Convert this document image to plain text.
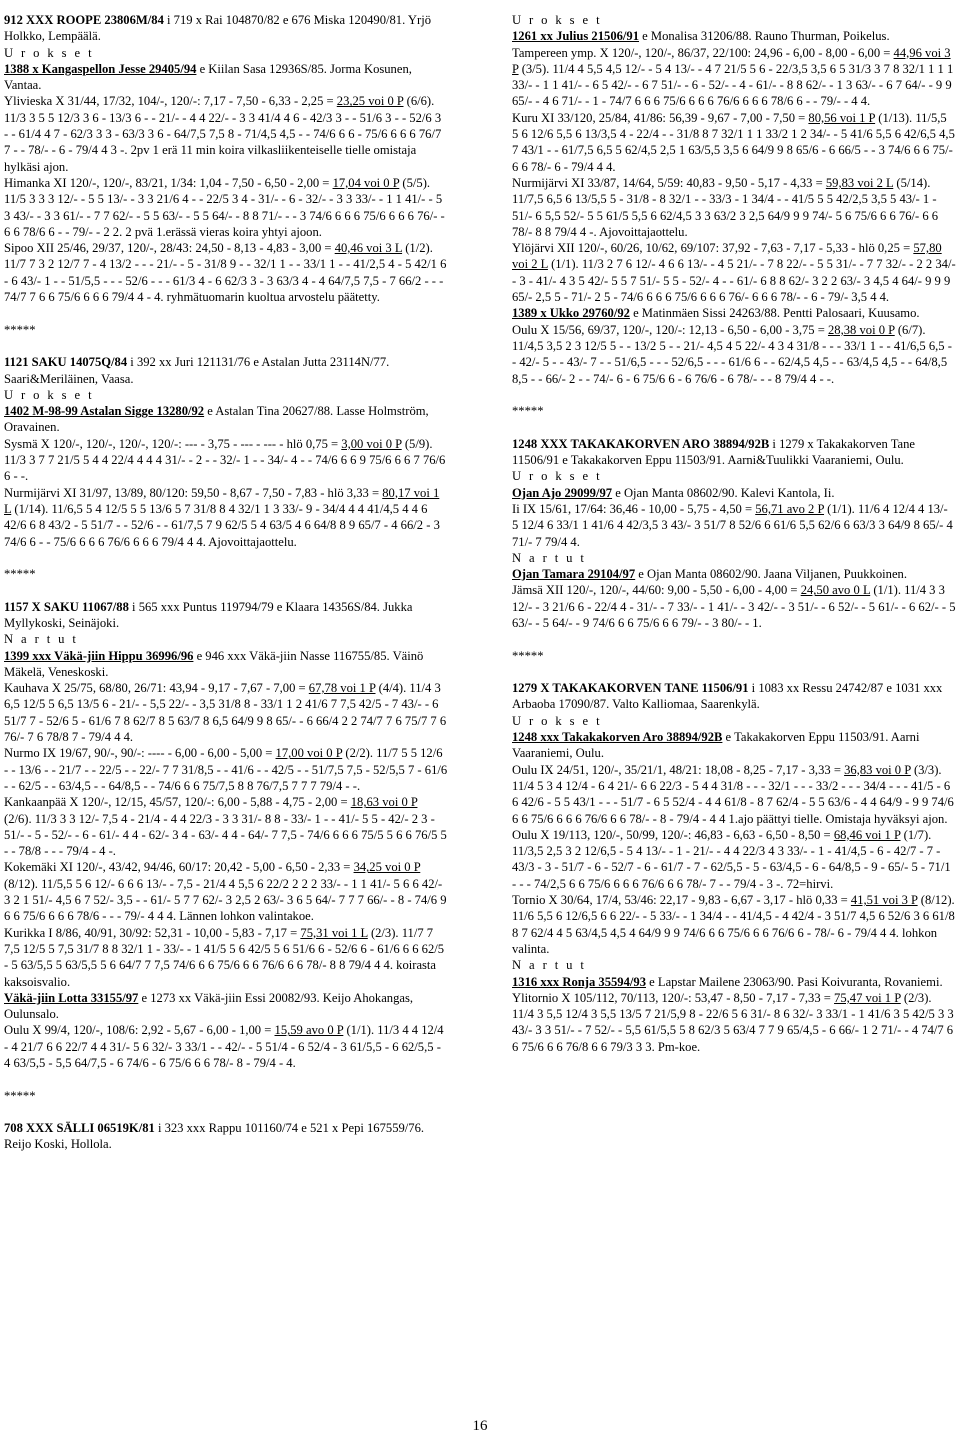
912 XXX ROOPE 23806M/84 i 719 x Rai 104870/82 e 676 Miska 120490/81. Yrjö Holkko, Lempäälä.

U r o k s e t

1388 x Kangaspellon Jesse 29405/94 e Kiilan Sasa 12936S/85. Jorma Kosunen, Vantaa.

Ylivieska X 31/44, 17/32, 104/-, 120/-: 7,17 - 7,50 - 6,33 - 2,25 = 23,25 voi 0 P (6/6). 11/3 3 5 5 12/3 3 6 - 13/3 6 - - 21/- - 4 4 22/- - 3 3 41/4 4 6 - 42/3 3 - - 51/6 3 - - 52/6 3 - - 61/4 4 7 - 62/3 3 3 - 63/3 3 6 - 64/7,5 7,5 8 - 71/4,5 4,5 - - 74/6 6 6 - 75/6 6 6 6 76/7 7 - - 78/- - 6 - 79/4 4 3 -. 2pv 1 erä 11 min koira vilkasliikenteiselle tielle omistaja hylkäsi ajon.

Himanka XI 120/-, 120/-, 83/21, 1/34: 1,04 - 7,50 - 6,50 - 2,00 = 17,04 voi 0 P (5/5). 11/5 3 3 3 12/- - 5 5 13/- - 3 3 21/6 4 - - 22/5 3 4 - 31/- - 6 - 32/- - 3 3 33/- - 1 1 41/- - 5 3 43/- - 3 3 61/- - 7 7 62/- - 5 5 63/- - 5 5 64/- - 8 8 71/- - - 3 74/6 6 6 6 75/6 6 6 6 76/- - 6 6 78/6 6 - - 79/- - 2 2. 2 pvä 1.erässä vieras koira yhtyi ajoon.

Sipoo XII 25/46, 29/37, 120/-, 28/43: 24,50 - 8,13 - 4,83 - 3,00 = 40,46 voi 3 L (1/2). 11/7 7 3 2 12/7 7 - 4 13/2 - - - 21/- - 5 - 31/8 9 - - 32/1 1 - - 33/1 1 - - 41/2,5 4 - 5 42/1 6 - 6 43/- 1 - - 51/5,5 - - - 52/6 - - - 61/3 4 - 6 62/3 3 - 3 63/3 4 - 4 64/7,5 7,5 - 7 66/2 - - - 74/7 7 6 6 75/6 6 6 6 79/4 4 - 4. ryhmätuomarin kuoltua arvostelu päätetty.

*****

1121 SAKU 14075Q/84 i 392 xx Juri 121131/76 e Astalan Jutta 23114N/77. Saari&Meriläinen, Vaasa.

U r o k s e t

1402 M-98-99 Astalan Sigge 13280/92 e Astalan Tina 20627/88. Lasse Holmström, Oravainen.

Sysmä X 120/-, 120/-, 120/-, 120/-: --- - 3,75 - --- - --- - hlö 0,75 = 3,00 voi 0 P (5/9). 11/3 3 7 7 21/5 5 4 4 22/4 4 4 4 31/- - 2 - - 32/- 1 - - 34/- 4 - - 74/6 6 6 9 75/6 6 6 7 76/6 6 - -.

Nurmijärvi XI 31/97, 13/89, 80/120: 59,50 - 8,67 - 7,50 - 7,83 - hlö 3,33 = 80,17 voi 1 L (1/14). 11/6,5 5 4 12/5 5 5 13/6 5 7 31/8 8 4 32/1 1 3 33/- 9 - 34/4 4 4 41/4,5 4 4 6 42/6 6 8 43/2 - 5 51/7 - - 52/6 - - 61/7,5 7 9 62/5 5 4 63/5 4 6 64/8 8 9 65/7 - 4 66/2 - 3 74/6 6 - - 75/6 6 6 6 76/6 6 6 6 79/4 4 4. Ajovoittajaottelu.

*****

1157 X SAKU 11067/88 i 565 xxx Puntus 119794/79 e Klaara 14356S/84. Jukka Myllykoski, Seinäjoki.

N a r t u t

1399 xxx Väkä-jiin Hippu 36996/96 e 946 xxx Väkä-jiin Nasse 116755/85. Väinö Mäkelä, Veneskoski.

Kauhava X 25/75, 68/80, 26/71: 43,94 - 9,17 - 7,67 - 7,00 = 67,78 voi 1 P (4/4). 11/4 3 6,5 12/5 5 6,5 13/5 6 - 21/- - 5,5 22/- - 3,5 31/8 8 - 33/1 1 2 41/6 7 7,5 42/5 - 7 43/- - 6 51/7 7 - 52/6 5 - 61/6 7 8 62/7 8 5 63/7 8 6,5 64/9 9 8 65/- - 6 66/4 2 2 74/7 7 6 75/7 7 6 76/- 7 6 78/8 7 - 79/4 4 4.

Nurmo IX 19/67, 90/-, 90/-: ---- - 6,00 - 6,00 - 5,00 = 17,00 voi 0 P (2/2). 11/7 5 5 12/6 - - 13/6 - - 21/7 - - 22/5 - - 22/- 7 7 31/8,5 - - 41/6 - - 42/5 - - 51/7,5 7,5 - 52/5,5 7 - 61/6 - - 62/5 - - 63/4,5 - - 64/8,5 - - 74/6 6 6 75/7,5 8 8 76/7,5 7 7 7 79/4 - -.

Kankaanpää X 120/-, 12/15, 45/57, 120/-: 6,00 - 5,88 - 4,75 - 2,00 = 18,63 voi 0 P (2/6). 11/3 3 3 12/- 7,5 4 - 21/4 - 4 4 22/3 - 3 3 31/- 8 8 - 33/- 1 - - 41/- 5 5 - 42/- 2 3 - 51/- - 5 - 52/- - 6 - 61/- 4 4 - 62/- 3 4 - 63/- 4 4 - 64/- 7 7,5 - 74/6 6 6 6 75/5 5 6 6 76/5 5 - - 78/8 - - - 79/4 - 4 -.

Kokemäki XI 120/-, 43/42, 94/46, 60/17: 20,42 - 5,00 - 6,50 - 2,33 = 34,25 voi 0 P (8/12). 11/5,5 5 6 12/- 6 6 6 13/- - 7,5 - 21/4 4 5,5 6 22/2 2 2 2 33/- - 1 1 41/- 5 6 6 42/- 3 2 1 51/- 4,5 6 7 52/- 3,5 - - 61/- 5 7 7 62/- 3 2,5 2 63/- 3 6 5 64/- 7 7 7 66/- - 8 - 74/6 9 6 6 75/6 6 6 6 78/6 - - - 79/- 4 4 4. Lännen lohkon valintakoe.

Kurikka I 8/86, 40/91, 30/92: 52,31 - 10,00 - 5,83 - 7,17 = 75,31 voi 1 L (2/3). 11/7 7 7,5 12/5 5 7,5 31/7 8 8 32/1 1 - 33/- - 1 41/5 5 6 42/5 5 6 51/6 6 - 52/6 6 - 61/6 6 6 62/5 - 5 63/5,5 5 63/5,5 5 6 64/7 7 7,5 74/6 6 6 75/6 6 6 76/6 6 6 78/- 8 8 79/4 4 4. koirasta kaksoisvalio.

Väkä-jiin Lotta 33155/97 e 1273 xx Väkä-jiin Essi 20082/93. Keijo Ahokangas, Oulunsalo.

Oulu X 99/4, 120/-, 108/6: 2,92 - 5,67 - 6,00 - 1,00 = 15,59 avo 0 P (1/1). 11/3 4 4 12/4 - 4 21/7 6 6 22/7 4 4 31/- 5 6 32/- 3 33/1 - - 42/- - 5 51/4 - 6 52/4 - 3 61/5,5 - 6 62/5,5 - 4 63/5,5 - 5,5 64/7,5 - 6 74/6 - 6 75/6 6 6 78/- 8 - 79/4 - 4.

*****

708 XXX SÄLLI 06519K/81 i 323 xxx Rappu 101160/74 e 521 x Pepi 167559/76. Reijo Koski, Hollola.

U r o k s e t

1261 xx Julius 21506/91 e Monalisa 31206/88. Rauno Thurman, Poikelus.

Tampereen ymp. X 120/-, 120/-, 86/37, 22/100: 24,96 - 6,00 - 8,00 - 6,00 = 44,96 voi 3 P (3/5). 11/4 4 5,5 4,5 12/- - 5 4 13/- - 4 7 21/5 5 6 - 22/3,5 3,5 6 5 31/3 3 7 8 32/1 1 1 1 33/- - 1 1 41/- - 6 5 42/- - 6 7 51/- - 6 - 52/- - 4 - 61/- - 8 8 62/- - 1 3 63/- - 6 7 64/- - 9 9 65/- - 4 6 71/- - 1 - 74/7 6 6 6 75/6 6 6 6 76/6 6 6 6 78/6 6 - - 79/- - 4 4.

Kuru XI 33/120, 25/84, 41/86: 56,39 - 9,67 - 7,00 - 7,50 = 80,56 voi 1 P (1/13). 11/5,5 5 6 12/6 5,5 6 13/3,5 4 - 22/4 - - 31/8 8 7 32/1 1 1 33/2 1 2 34/- - 5 41/6 5,5 6 42/6,5 4,5 7 43/1 - - 61/7,5 6,5 5 62/4,5 2,5 1 63/5,5 3,5 6 64/9 9 8 65/6 - 6 66/5 - - 3 74/6 6 6 75/- 6 6 78/- 6 - 79/4 4 4.

Nurmijärvi XI 33/87, 14/64, 5/59: 40,83 - 9,50 - 5,17 - 4,33 = 59,83 voi 2 L (5/14). 11/7,5 6,5 6 13/5,5 5 - 31/8 - 8 32/1 - - 33/3 - 1 34/4 - - 41/5 5 5 42/2,5 3,5 5 43/- 1 - 51/- 6 5,5 52/- 5 5 61/5 5,5 6 62/4,5 3 3 63/2 3 2,5 64/9 9 9 74/- 5 6 75/6 6 6 76/- 6 6 78/- 8 8 79/4 4 -. Ajovoittajaottelu.

Ylöjärvi XII 120/-, 60/26, 10/62, 69/107: 37,92 - 7,63 - 7,17 - 5,33 - hlö 0,25 = 57,80 voi 2 L (1/1). 11/3 2 7 6 12/- 4 6 6 13/- - 4 5 21/- - 7 8 22/- - 5 5 31/- - 7 7 32/- - 2 2 34/- - 3 - 41/- 4 3 5 42/- 5 5 7 51/- 5 5 - 52/- 4 - - 61/- 6 8 8 62/- 3 2 2 63/- 3 4,5 4 64/- 9 9 9 65/- 2,5 5 - 71/- 2 5 - 74/6 6 6 6 75/6 6 6 6 76/- 6 6 6 78/- - 6 - 79/- 3,5 4 4.

1389 x Ukko 29760/92 e Matinmäen Sissi 24263/88. Pentti Palosaari, Kuusamo.

Oulu X 15/56, 69/37, 120/-, 120/-: 12,13 - 6,50 - 6,00 - 3,75 = 28,38 voi 0 P (6/7). 11/4,5 3,5 2 3 12/5 5 - - 13/2 5 - - 21/- 4,5 4 5 22/- 4 3 4 31/8 - - - 33/1 1 - - 41/6,5 6,5 - - 42/- 5 - - 43/- 7 - - 51/6,5 - - - 52/6,5 - - - 61/6 6 - - 62/4,5 4,5 - - 63/4,5 4,5 - - 64/8,5 8,5 - - 66/- 2 - - 74/- 6 - 6 75/6 6 - 6 76/6 - 6 78/- - - 8 79/4 4 - -.

*****

1248 XXX TAKAKAKORVEN ARO 38894/92B i 1279 x Takakakorven Tane 11506/91 e Takakakorven Eppu 11503/91. Aarni&Tuulikki Vaaraniemi, Oulu.

U r o k s e t

Ojan Ajo 29099/97 e Ojan Manta 08602/90. Kalevi Kantola, Ii.

Ii IX 15/61, 17/64: 36,46 - 10,00 - 5,75 - 4,50 = 56,71 avo 2 P (1/1). 11/6 4 12/4 4 13/- 5 12/4 6 33/1 1 41/6 4 42/3,5 3 43/- 3 51/7 8 52/6 6 61/6 5,5 62/6 6 63/3 3 64/9 8 65/- 4 71/- 7 79/4 4.

N a r t u t

Ojan Tamara 29104/97 e Ojan Manta 08602/90. Jaana Viljanen, Puukkoinen.

Jämsä XII 120/-, 120/-, 44/60: 9,00 - 5,50 - 6,00 - 4,00 = 24,50 avo 0 L (1/1). 11/4 3 3 12/- - 3 21/6 6 - 22/4 4 - 31/- - 7 33/- - 1 41/- - 3 42/- - 3 51/- - 6 52/- - 5 61/- - 6 62/- - 5 63/- - 5 64/- - 9 74/6 6 6 75/6 6 6 79/- - 3 80/- - 1.

*****

1279 X TAKAKAKORVEN TANE 11506/91 i 1083 xx Ressu 24742/87 e 1031 xxx Arbaoba 17090/87. Valto Kalliomaa, Saarenkylä.

U r o k s e t

1248 xxx Takakakorven Aro 38894/92B e Takakakorven Eppu 11503/91. Aarni Vaaraniemi, Oulu.

Oulu IX 24/51, 120/-, 35/21/1, 48/21: 18,08 - 8,25 - 7,17 - 3,33 = 36,83 voi 0 P (3/3). 11/4 5 3 4 12/4 - 6 4 21/- 6 6 22/3 - 5 4 4 31/8 - - - 32/1 - - - 33/2 - - - 34/4 - - - 41/5 - 6 6 42/6 - 5 5 43/1 - - - 51/7 - 6 5 52/4 - 4 4 61/8 - 8 7 62/4 - 5 5 63/6 - 4 4 64/9 - 9 9 74/6 6 6 75/6 6 6 6 76/6 6 6 78/- - 8 - 79/4 - 4 4 1.ajo päättyi tielle. Omistaja hyväksyi ajon.

Oulu X 19/113, 120/-, 50/99, 120/-: 46,83 - 6,63 - 6,50 - 8,50 = 68,46 voi 1 P (1/7). 11/3,5 2,5 3 2 12/6,5 - 5 4 13/- - 1 - 21/- - 4 4 22/3 4 3 33/- - 1 - 41/4,5 - 6 - 42/7 - 7 - 43/3 - 3 - 51/7 - 6 - 52/7 - 6 - 61/7 - 7 - 62/5,5 - 5 - 63/4,5 - 6 - 64/8,5 - 9 - 65/- 5 - 71/1 - - - 74/2,5 6 6 75/6 6 6 6 76/6 6 6 78/- 7 - - 79/4 - 3 -. 72=hirvi.

Tornio X 30/64, 17/4, 53/46: 22,17 - 9,83 - 6,67 - 3,17 - hlö 0,33 = 41,51 voi 3 P (8/12). 11/6 5,5 6 12/6,5 6 6 22/- - 5 33/- - 1 34/4 - - 41/4,5 - 4 42/4 - 3 51/7 4,5 6 52/6 3 6 61/8 8 7 62/4 4 5 63/4,5 4,5 4 64/9 9 9 74/6 6 6 75/6 6 6 76/6 6 - 78/- 6 - 79/4 4 4. lohkon valinta.

N a r t u t

1316 xxx Ronja 35594/93 e Lapstar Mailene 23063/90. Pasi Koivuranta, Rovaniemi.

Ylitornio X 105/112, 70/113, 120/-: 53,47 - 8,50 - 7,17 - 7,33 = 75,47 voi 1 P (2/3). 11/4 3 5,5 12/4 3 5,5 13/5 7 21/5,9 8 - 22/6 5 6 31/- 8 6 32/- 3 33/1 - 1 41/6 3 5 42/5 3 3 43/- 3 3 51/- - 7 52/- - 5,5 61/5,5 5 8 62/3 5 63/4 7 7 9 65/4,5 - 6 66/- 1 2 71/- - 4 74/7 6 6 75/6 6 6 76/8 6 6 79/3 3 3. Pm-koe.

16
